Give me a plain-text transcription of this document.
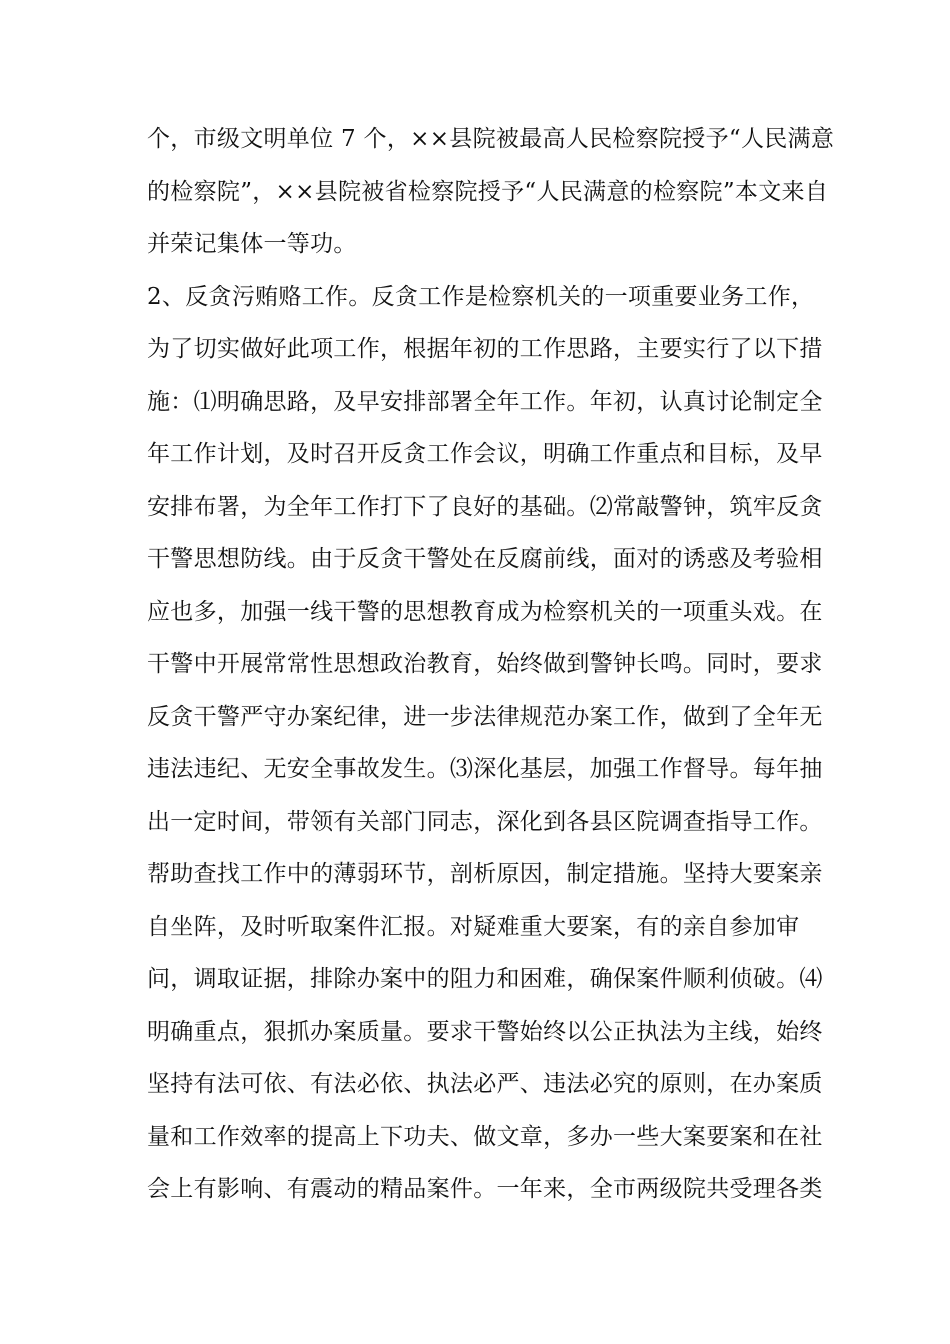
个，市级文明单位 7 个，××县院被最高人民检察院授予“人民满意
的检察院”，××县院被省检察院授予“人民满意的检察院”本文来自
并荣记集体一等功。
2、反贪污贿赂工作。反贪工作是检察机关的一项重要业务工作，
为了切实做好此项工作，根据年初的工作思路，主要实行了以下措
施：⑴明确思路，及早安排部署全年工作。年初，认真讨论制定全
年工作计划，及时召开反贪工作会议，明确工作重点和目标，及早
安排布署，为全年工作打下了良好的基础。⑵常敲警钟，筑牢反贪
干警思想防线。由于反贪干警处在反腐前线，面对的诱惑及考验相
应也多，加强一线干警的思想教育成为检察机关的一项重头戏。在
干警中开展常常性思想政治教育，始终做到警钟长鸣。同时，要求
反贪干警严守办案纪律，进一步法律规范办案工作，做到了全年无
违法违纪、无安全事故发生。⑶深化基层，加强工作督导。每年抽
出一定时间，带领有关部门同志，深化到各县区院调查指导工作。
帮助查找工作中的薄弱环节，剖析原因，制定措施。坚持大要案亲
自坐阵，及时听取案件汇报。对疑难重大要案，有的亲自参加审
问，调取证据，排除办案中的阻力和困难，确保案件顺利侦破。⑷
明确重点，狠抓办案质量。要求干警始终以公正执法为主线，始终
坚持有法可依、有法必依、执法必严、违法必究的原则，在办案质
量和工作效率的提高上下功夫、做文章，多办一些大案要案和在社
会上有影响、有震动的精品案件。一年来，全市两级院共受理各类
